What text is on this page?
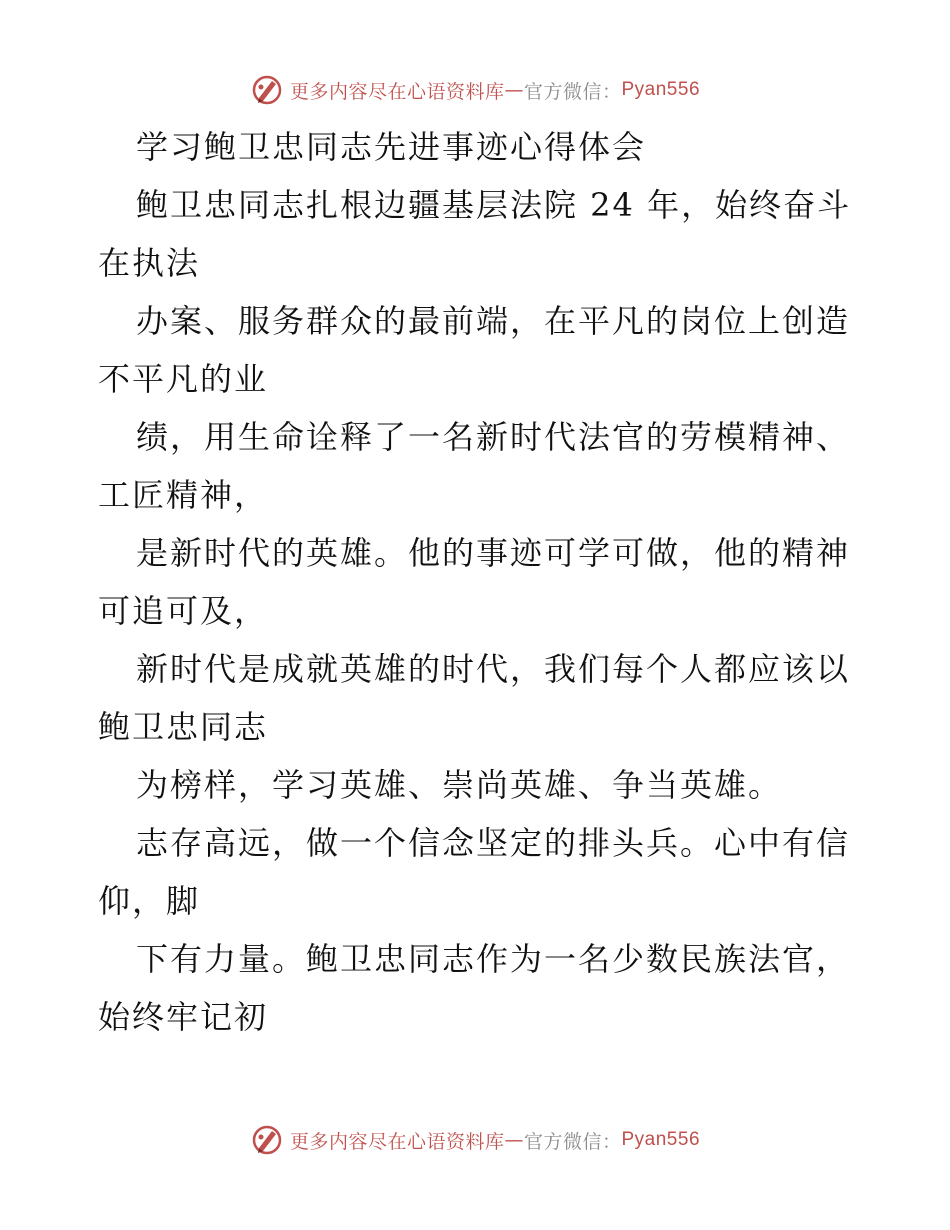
更多内容尽在心语资料库 — 官方微信： Pyan556
学习鲍卫忠同志先进事迹心得体会
鲍卫忠同志扎根边疆基层法院 24 年，始终奋斗
在执法
办案、服务群众的最前端，在平凡的岗位上创造
不平凡的业
绩，用生命诠释了一名新时代法官的劳模精神、
工匠精神，
是新时代的英雄。他的事迹可学可做，他的精神
可追可及，
新时代是成就英雄的时代，我们每个人都应该以
鲍卫忠同志
为榜样，学习英雄、崇尚英雄、争当英雄。
志存高远，做一个信念坚定的排头兵。心中有信
仰，脚
下有力量。鲍卫忠同志作为一名少数民族法官，
始终牢记初
更多内容尽在心语资料库 — 官方微信： Pyan556
